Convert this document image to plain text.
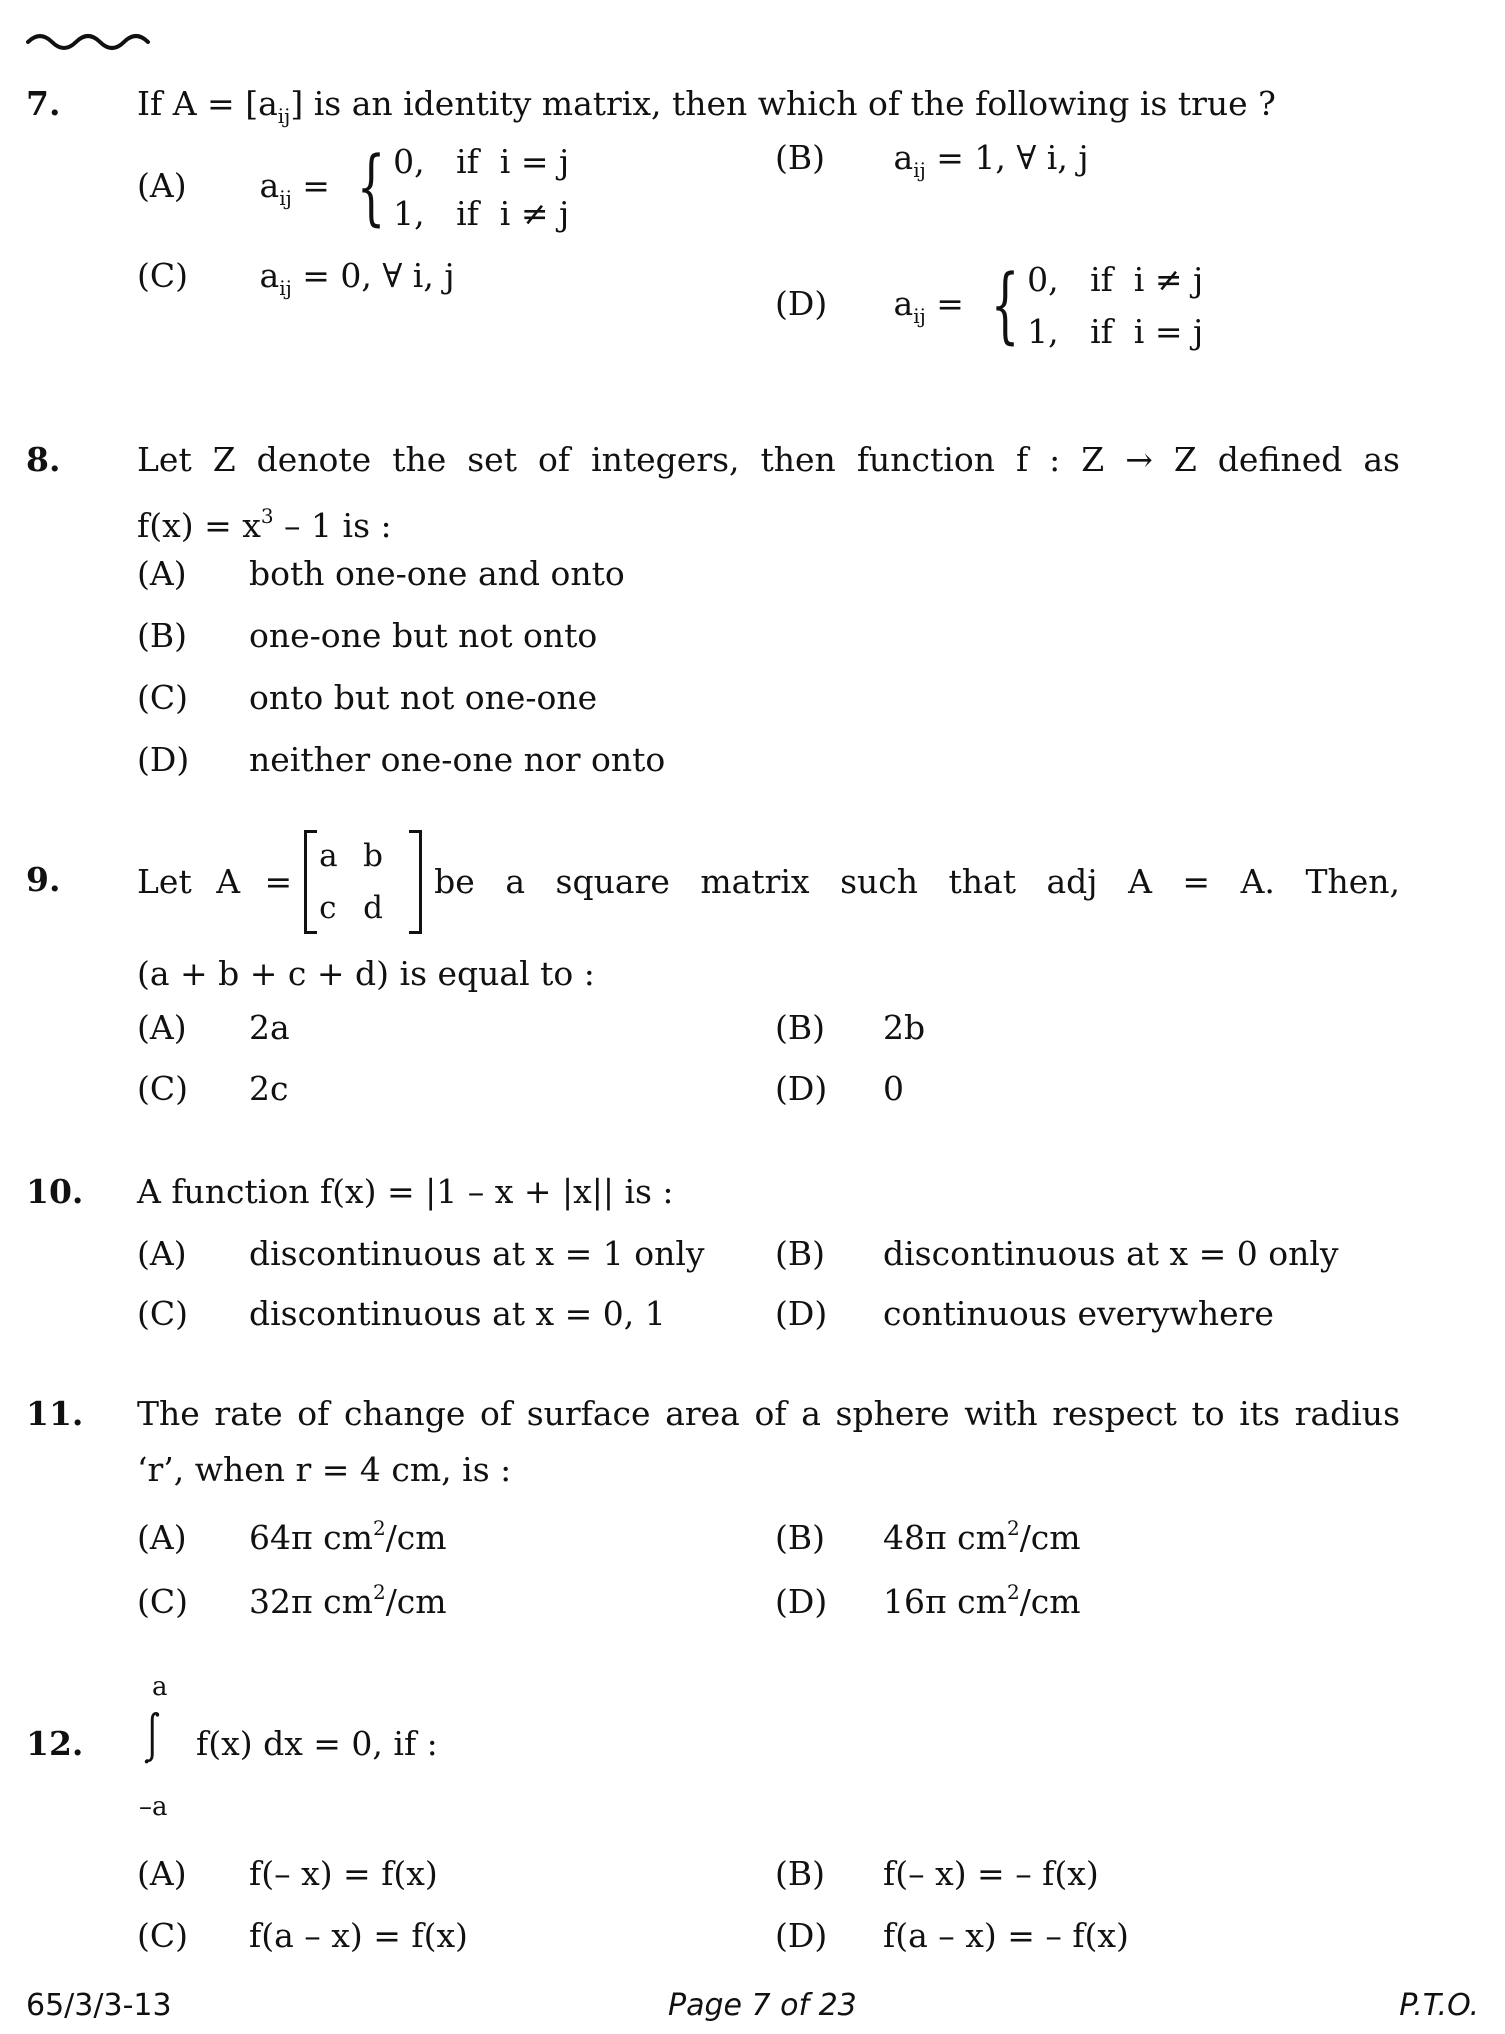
7. If $A = [a_{ij}]$ is an identity matrix, then which of the following is true ?
(A) $a_{ij}$ = { 0,   if  i = j
1,   if  i ≠ j
(B) $a_{ij} = 1$, ∀ i, j
(C) $a_{ij} = 0$, ∀ i, j
(D) $a_{ij}$ = { 0,   if  i ≠ j
1,   if  i = j
8. Let Z denote the set of integers, then function f : Z → Z defined as
$f(x) = x^3 - 1$ is :
(A) both one-one and onto
(B) one-one but not onto
(C) onto but not one-one
(D) neither one-one nor onto
9. Let A =
a b
c d
be a square matrix such that adj A = A. Then,
(a + b + c + d) is equal to :
(A) 2a	(B) 2b
(C) 2c	(D) 0
10. A function f(x) = |1 – x + |x|| is :
(A) discontinuous at x = 1 only (B) discontinuous at x = 0 only
(C) discontinuous at x = 0, 1	(D) continuous everywhere
11. The rate of change of surface area of a sphere with respect to its radius
‘r’, when r = 4 cm, is :
(A) 64π $cm^2/cm$	(B) 48π $cm^2/cm$
(C) 32π $cm^2/cm$	(D) 16π $cm^2/cm$
a
–a
12.	f(x) dx = 0, if :
(A) f(– x) = f(x)	(B) f(– x) = – f(x)
(C) f(a – x) = f(x)	(D) f(a – x) = – f(x)
65/3/3-13	Page 7 of 23	P.T.O.
